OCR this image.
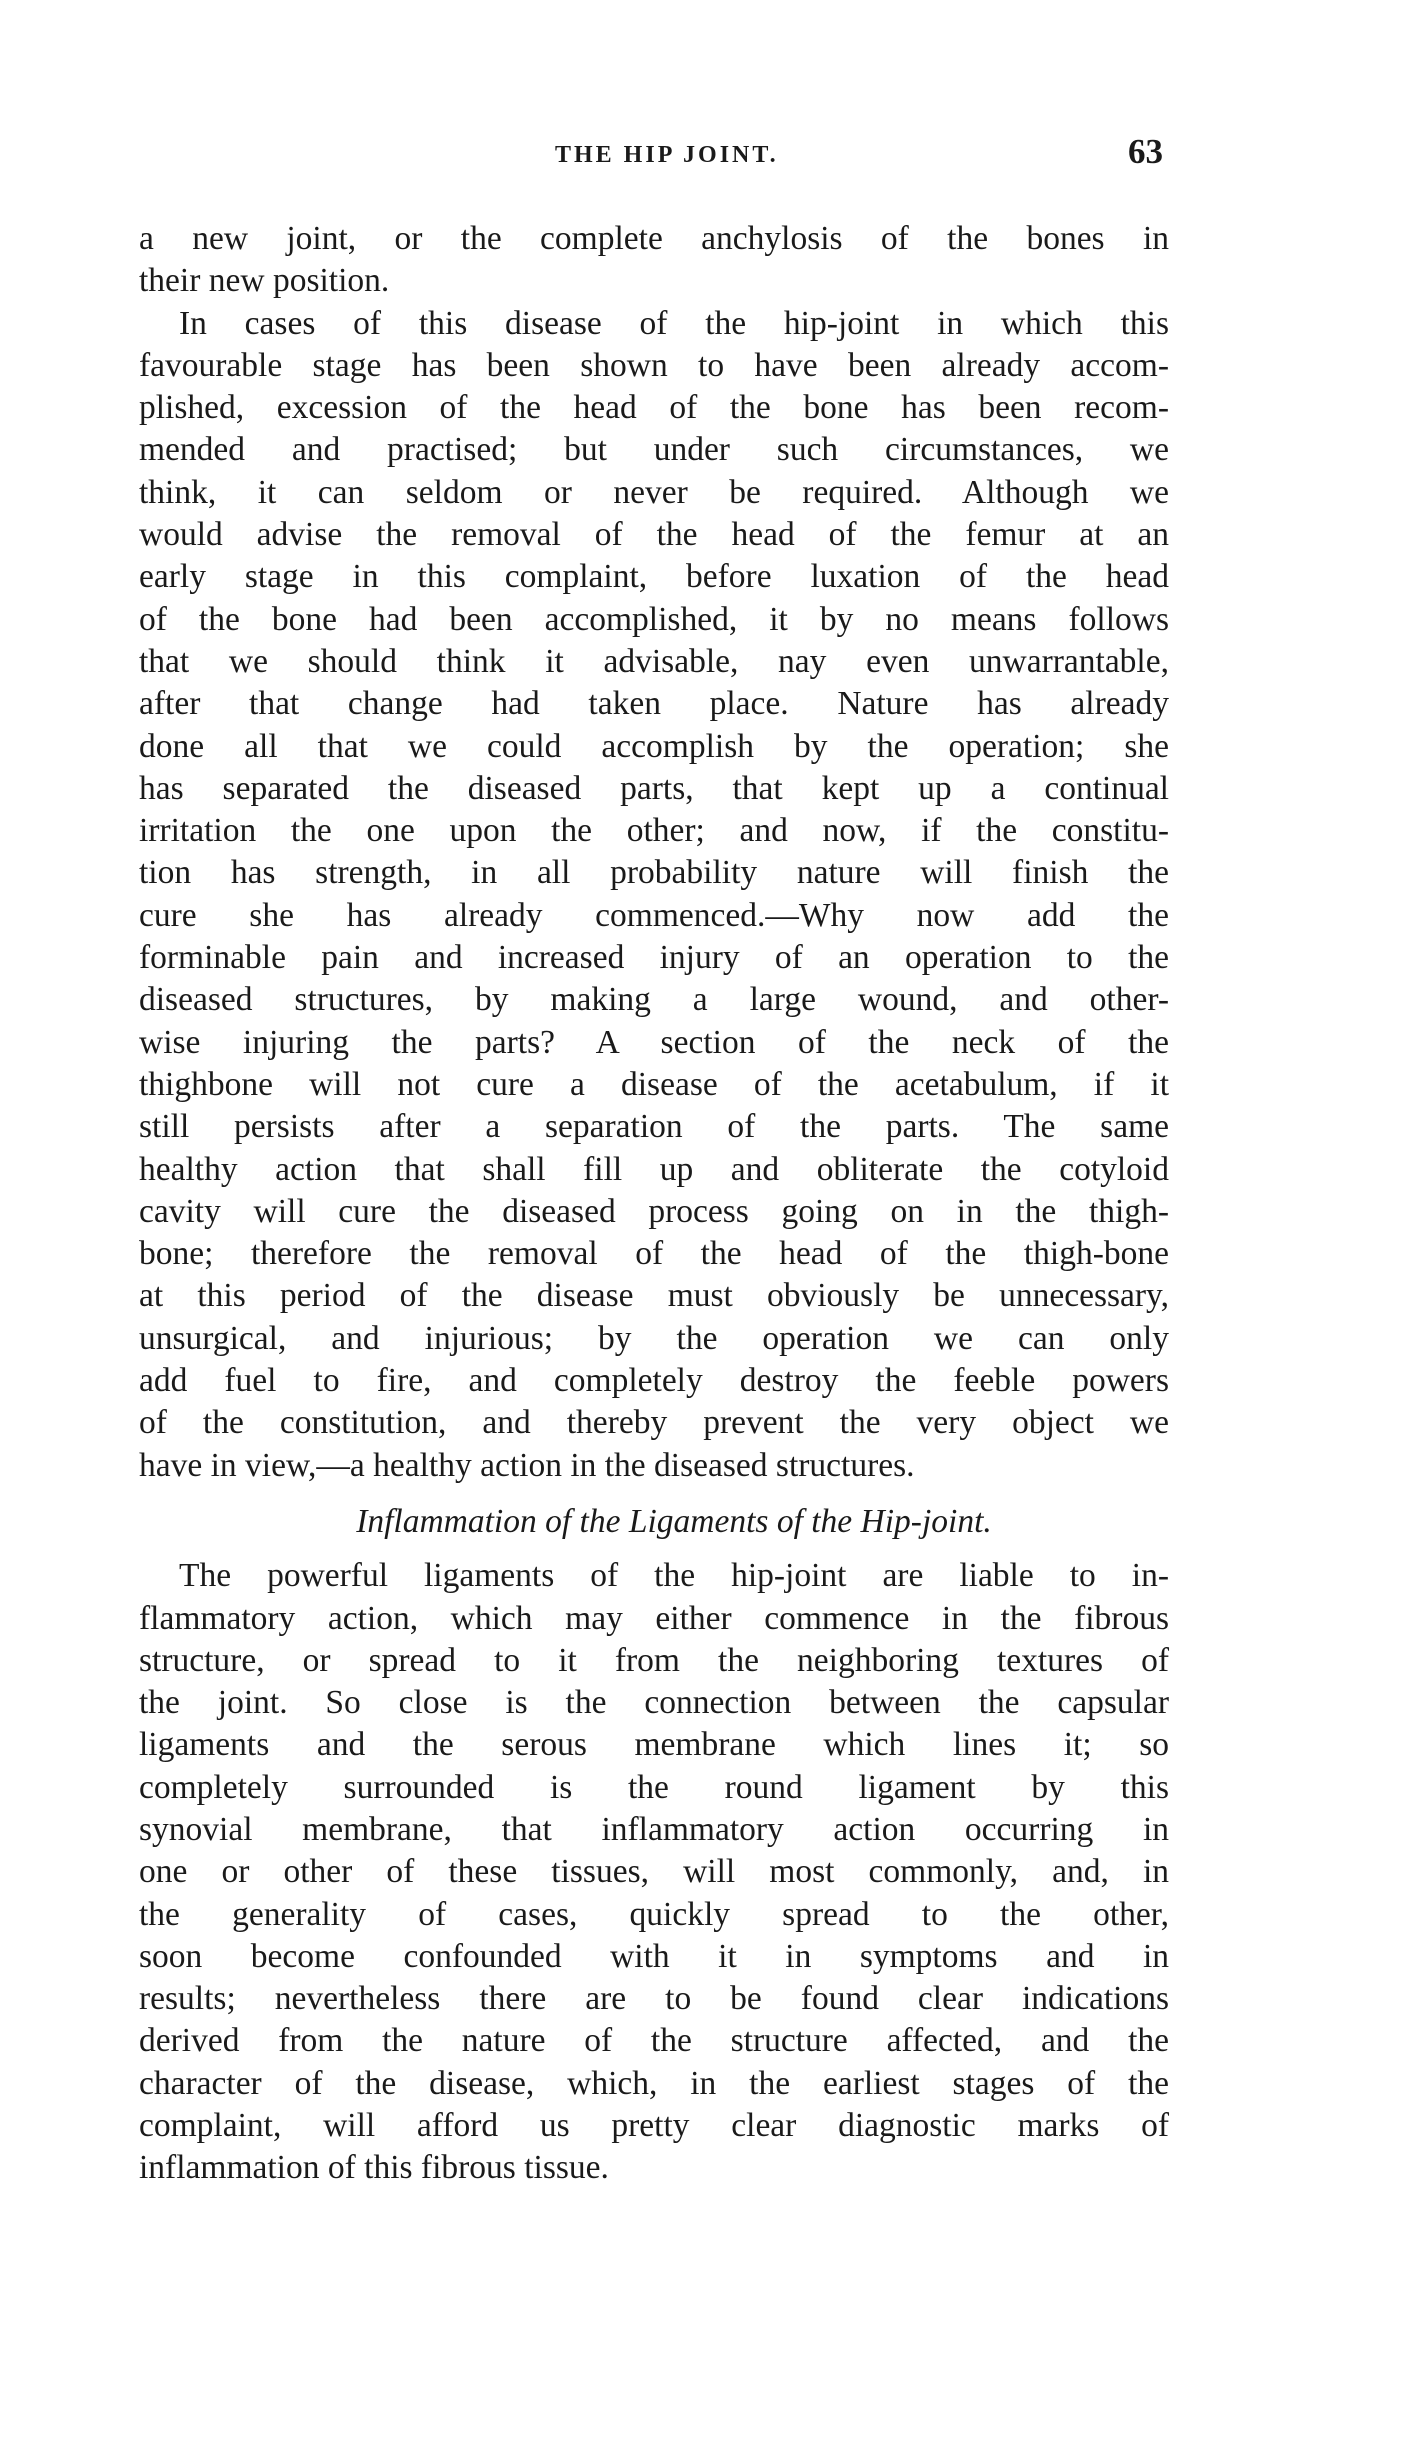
THE HIP JOINT.	63
a new joint, or the complete anchylosis of the bones in
their new position.
In cases of this disease of the hip-joint in which this
favourable stage has been shown to have been already accom-
plished, excession of the head of the bone has been recom-
mended and practised; but under such circumstances, we
think, it can seldom or never be required. Although we
would advise the removal of the head of the femur at an
early stage in this complaint, before luxation of the head
of the bone had been accomplished, it by no means follows
that we should think it advisable, nay even unwarrantable,
after that change had taken place. Nature has already
done all that we could accomplish by the operation; she
has separated the diseased parts, that kept up a continual
irritation the one upon the other; and now, if the constitu-
tion has strength, in all probability nature will finish the
cure she has already commenced.—Why now add the
forminable pain and increased injury of an operation to the
diseased structures, by making a large wound, and other-
wise injuring the parts? A section of the neck of the
thighbone will not cure a disease of the acetabulum, if it
still persists after a separation of the parts. The same
healthy action that shall fill up and obliterate the cotyloid
cavity will cure the diseased process going on in the thigh-
bone; therefore the removal of the head of the thigh-bone
at this period of the disease must obviously be unnecessary,
unsurgical, and injurious; by the operation we can only
add fuel to fire, and completely destroy the feeble powers
of the constitution, and thereby prevent the very object we
have in view,—a healthy action in the diseased structures.
Inflammation of the Ligaments of the Hip-joint.
The powerful ligaments of the hip-joint are liable to in-
flammatory action, which may either commence in the fibrous
structure, or spread to it from the neighboring textures of
the joint. So close is the connection between the capsular
ligaments and the serous membrane which lines it; so
completely surrounded is the round ligament by this
synovial membrane, that inflammatory action occurring in
one or other of these tissues, will most commonly, and, in
the generality of cases, quickly spread to the other,
soon become confounded with it in symptoms and in
results; nevertheless there are to be found clear indications
derived from the nature of the structure affected, and the
character of the disease, which, in the earliest stages of the
complaint, will afford us pretty clear diagnostic marks of
inflammation of this fibrous tissue.
